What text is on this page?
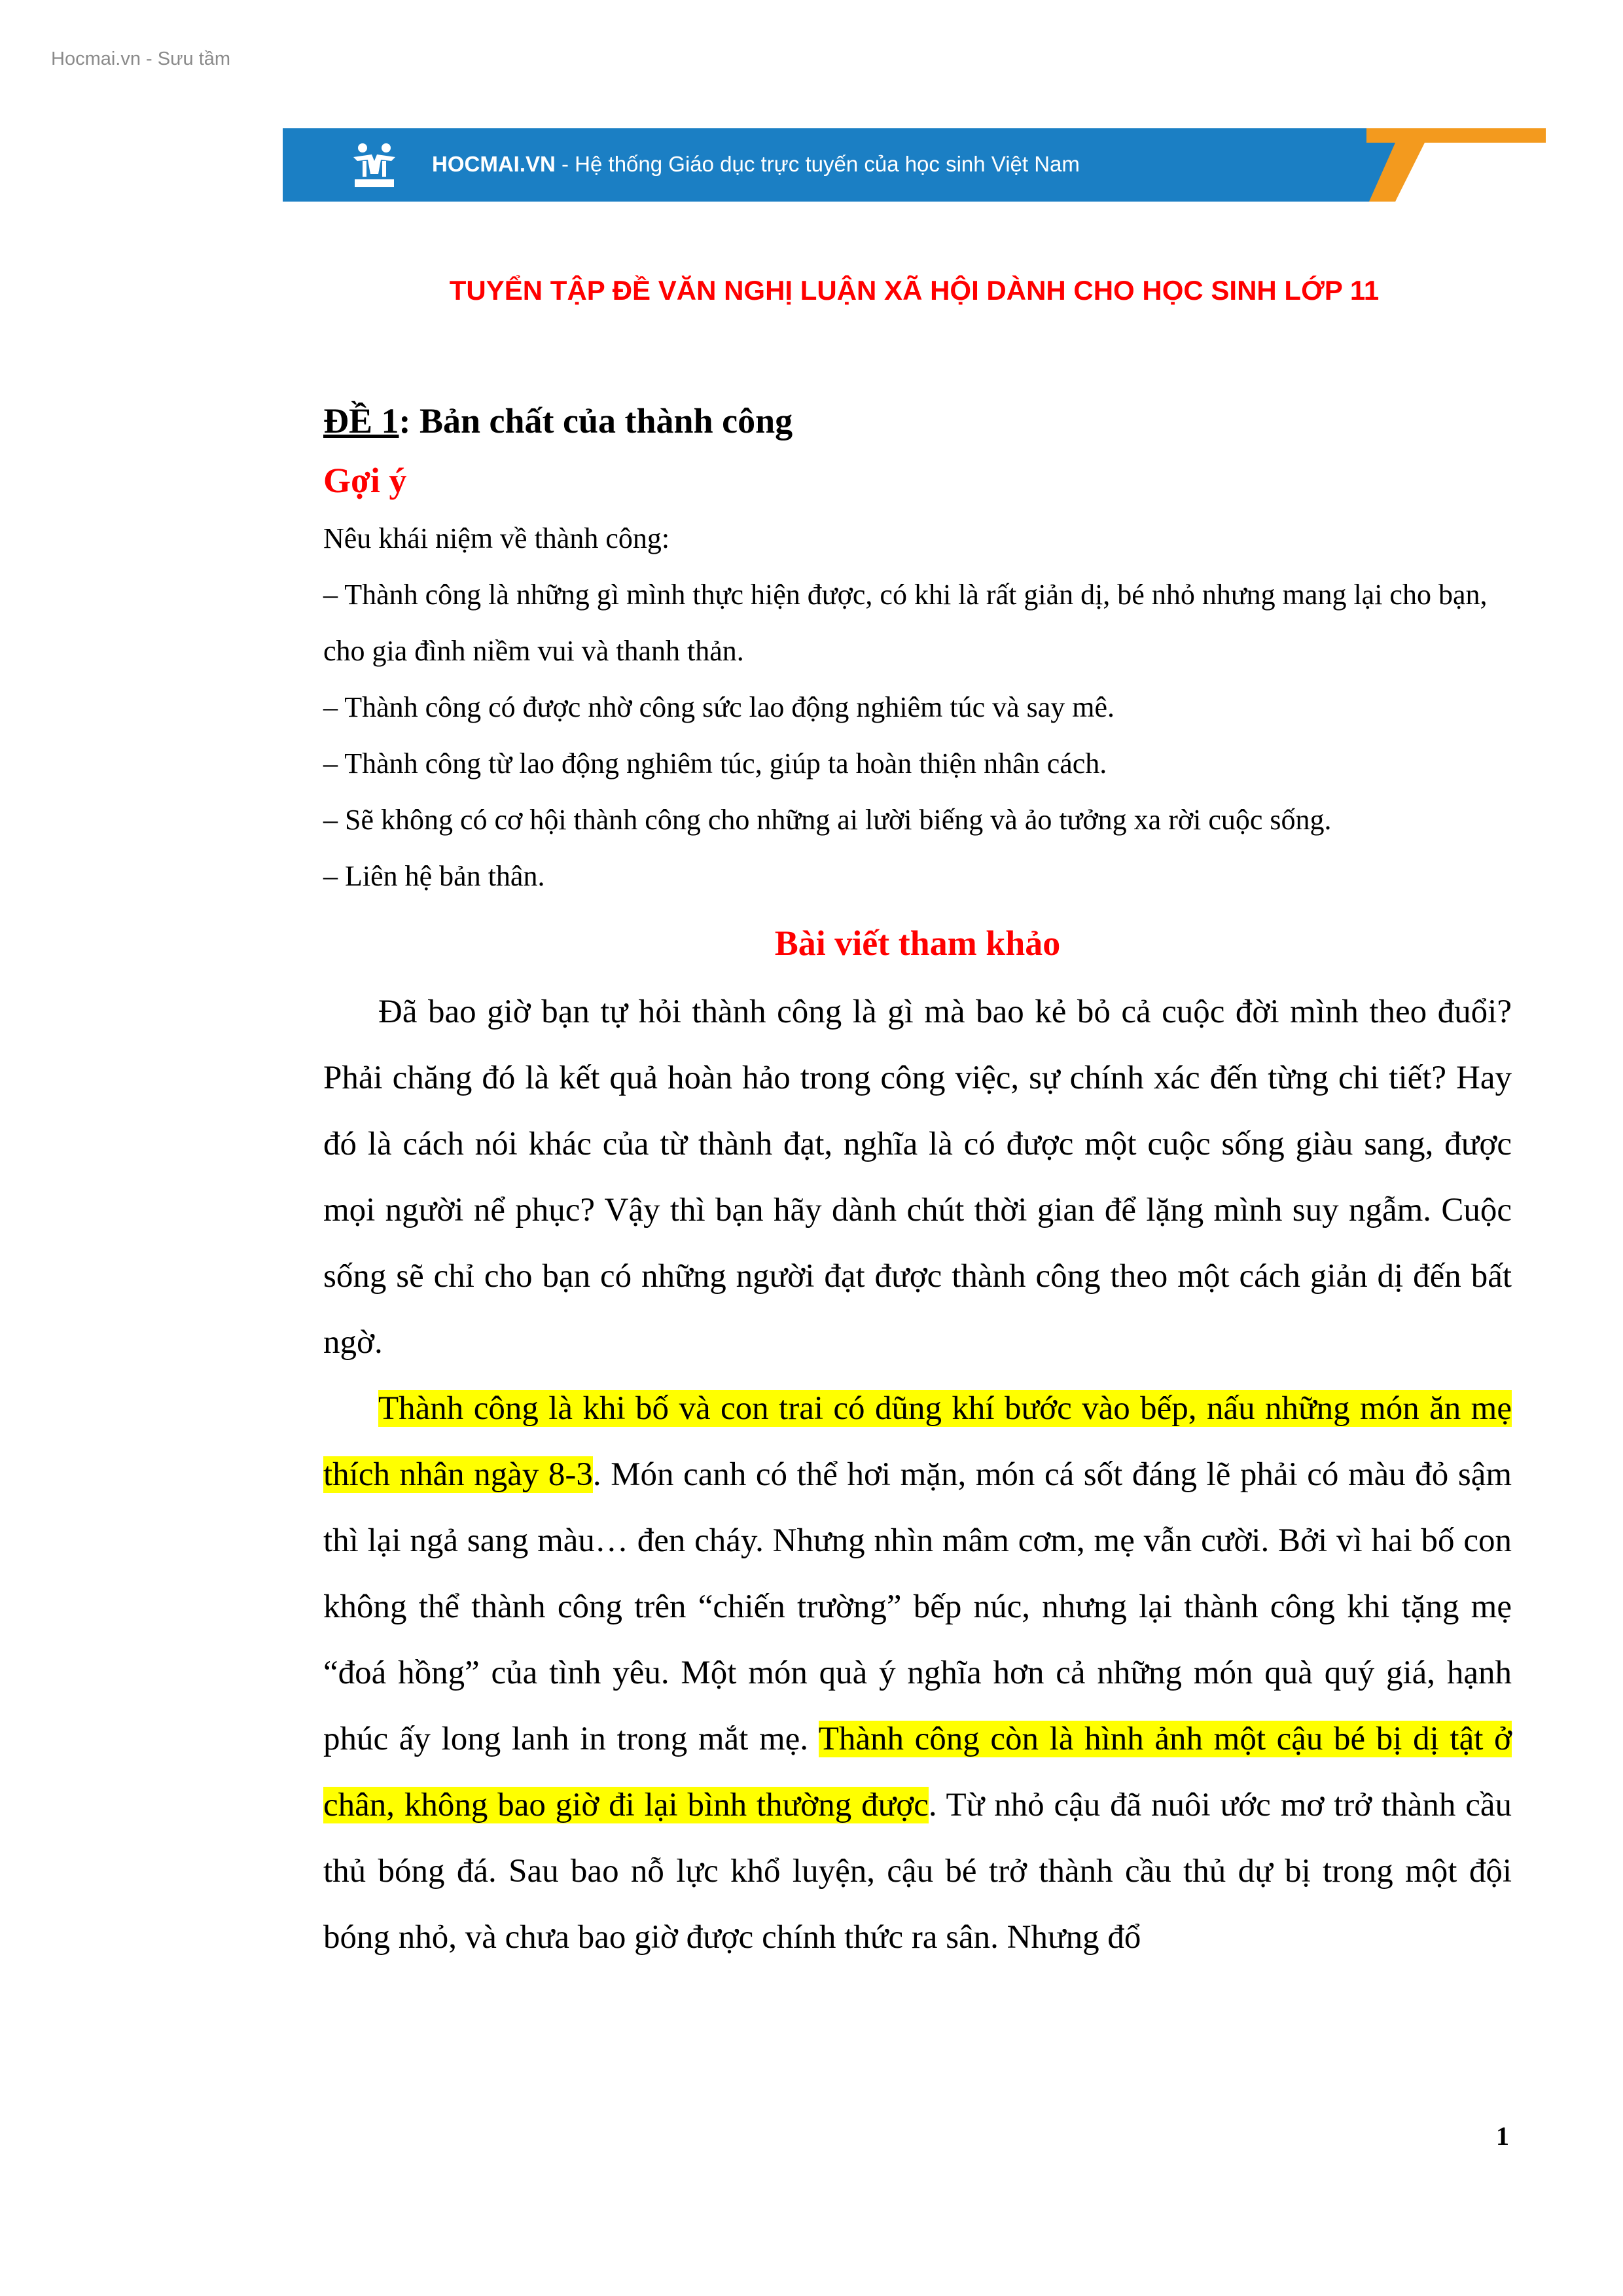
Hocmai.vn - Sưu tầm
HOCMAI.VN - Hệ thống Giáo dục trực tuyến của học sinh Việt Nam
TUYỂN TẬP ĐỀ VĂN NGHỊ LUẬN XÃ HỘI DÀNH CHO HỌC SINH LỚP 11

ĐỀ 1: Bản chất của thành công

Gợi ý

Nêu khái niệm về thành công:
– Thành công là những gì mình thực hiện được, có khi là rất giản dị, bé nhỏ nhưng mang lại cho bạn, cho gia đình niềm vui và thanh thản.
– Thành công có được nhờ công sức lao động nghiêm túc và say mê.
– Thành công từ lao động nghiêm túc, giúp ta hoàn thiện nhân cách.
– Sẽ không có cơ hội thành công cho những ai lười biếng và ảo tưởng xa rời cuộc sống.
– Liên hệ bản thân.

Bài viết tham khảo

Đã bao giờ bạn tự hỏi thành công là gì mà bao kẻ bỏ cả cuộc đời mình theo đuổi? Phải chăng đó là kết quả hoàn hảo trong công việc, sự chính xác đến từng chi tiết? Hay đó là cách nói khác của từ thành đạt, nghĩa là có được một cuộc sống giàu sang, được mọi người nể phục? Vậy thì bạn hãy dành chút thời gian để lặng mình suy ngẫm. Cuộc sống sẽ chỉ cho bạn có những người đạt được thành công theo một cách giản dị đến bất ngờ.

Thành công là khi bố và con trai có dũng khí bước vào bếp, nấu những món ăn mẹ thích nhân ngày 8-3. Món canh có thể hơi mặn, món cá sốt đáng lẽ phải có màu đỏ sậm thì lại ngả sang màu… đen cháy. Nhưng nhìn mâm cơm, mẹ vẫn cười. Bởi vì hai bố con không thể thành công trên “chiến trường” bếp núc, nhưng lại thành công khi tặng mẹ “đoá hồng” của tình yêu. Một món quà ý nghĩa hơn cả những món quà quý giá, hạnh phúc ấy long lanh in trong mắt mẹ. Thành công còn là hình ảnh một cậu bé bị dị tật ở chân, không bao giờ đi lại bình thường được. Từ nhỏ cậu đã nuôi ước mơ trở thành cầu thủ bóng đá. Sau bao nỗ lực khổ luyện, cậu bé trở thành cầu thủ dự bị trong một đội bóng nhỏ, và chưa bao giờ được chính thức ra sân. Nhưng đổ

1
